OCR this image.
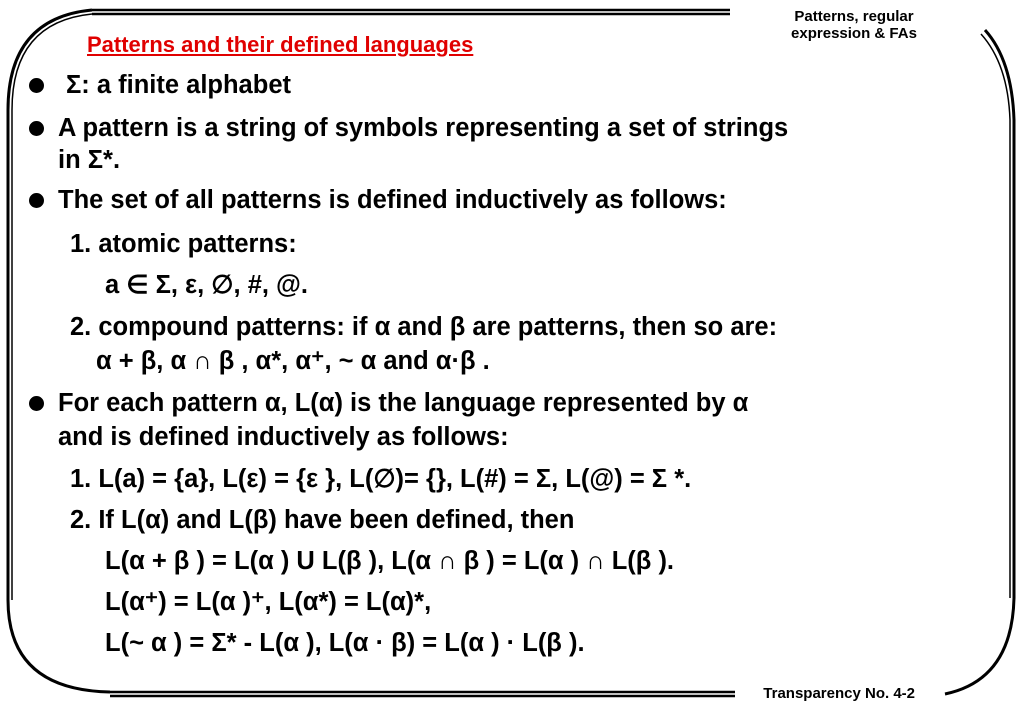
Patterns, regular
expression & FAs
Patterns and their defined languages
Σ: a finite alphabet
A pattern is a string of symbols representing a set of strings
in Σ*.
The set of all patterns is defined inductively as follows:
1. atomic patterns:
a ∈ Σ, ε, ∅, #, @.
2. compound patterns: if α and β are patterns, then so are:
α + β, α ∩ β , α*, α⁺, ~ α and α·β .
For each pattern α, L(α) is the language represented by α
and is defined inductively as follows:
1. L(a) = {a}, L(ε) = {ε }, L(∅)= {}, L(#) = Σ, L(@) = Σ *.
2. If L(α) and L(β) have been defined, then
L(α + β ) = L(α ) U L(β ), L(α ∩ β ) = L(α ) ∩ L(β ).
L(α⁺) = L(α )⁺, L(α*) = L(α)*,
L(~ α ) = Σ* - L(α ), L(α · β) = L(α ) · L(β ).
Transparency No. 4-2
